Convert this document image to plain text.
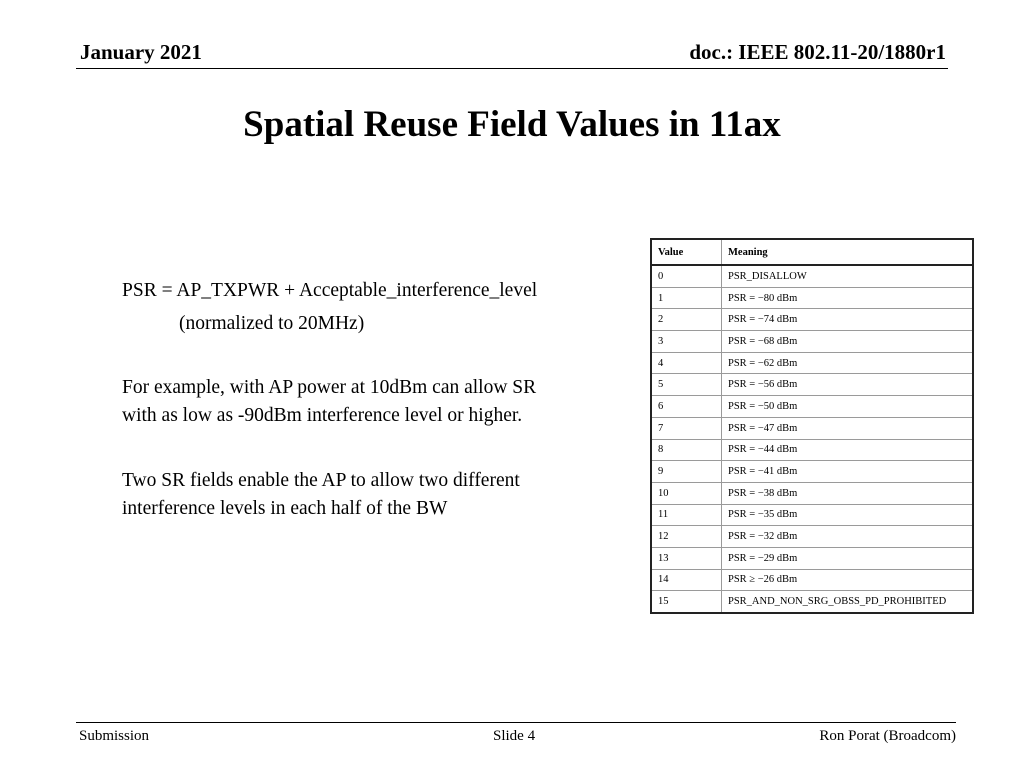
January 2021	doc.: IEEE 802.11-20/1880r1
Spatial Reuse Field Values in 11ax
PSR = AP_TXPWR + Acceptable_interference_level
(normalized to 20MHz)
For example, with AP power at 10dBm can allow SR
with as low as -90dBm interference level or higher.
Two SR fields enable the AP to allow two different
interference levels in each half of the BW
Value	Meaning
0	PSR_DISALLOW
1	PSR = −80 dBm
2	PSR = −74 dBm
3	PSR = −68 dBm
4	PSR = −62 dBm
5	PSR = −56 dBm
6	PSR = −50 dBm
7	PSR = −47 dBm
8	PSR = −44 dBm
9	PSR = −41 dBm
10	PSR = −38 dBm
11	PSR = −35 dBm
12	PSR = −32 dBm
13	PSR = −29 dBm
14	PSR ≥ −26 dBm
15	PSR_AND_NON_SRG_OBSS_PD_PROHIBITED
Submission	Slide 4	Ron Porat (Broadcom)
